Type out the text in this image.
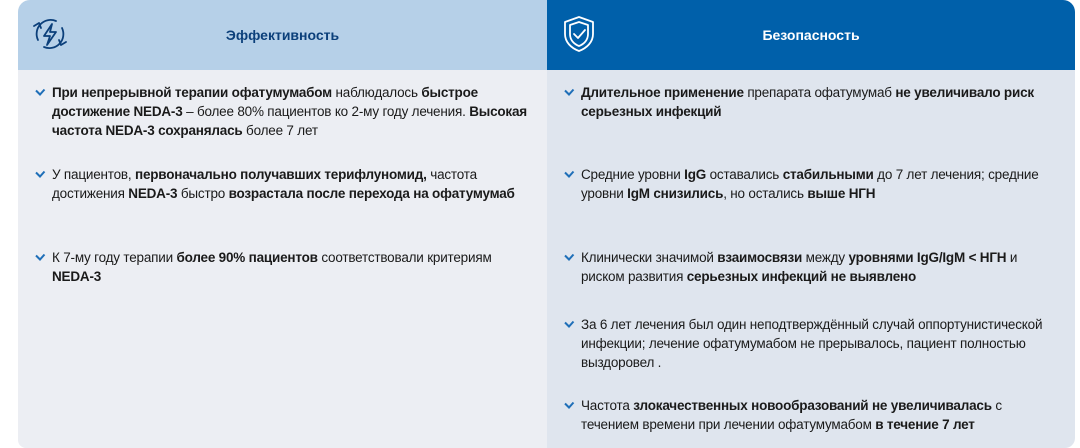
Эффективность
При непрерывной терапии офатумумабом наблюдалось быстрое достижение NEDA-3 – более 80% пациентов ко 2-му году лечения. Высокая частота NEDA-3 сохранялась более 7 лет
У пациентов, первоначально получавших терифлуномид, частота достижения NEDA-3 быстро возрастала после перехода на офатумумаб
К 7-му году терапии более 90% пациентов соответствовали критериям NEDA-3
Безопасность
Длительное применение препарата офатумумаб не увеличивало риск серьезных инфекций
Средние уровни IgG оставались стабильными до 7 лет лечения; средние уровни IgM снизились, но остались выше НГН
Клинически значимой взаимосвязи между уровнями IgG/IgM < НГН и риском развития серьезных инфекций не выявлено
За 6 лет лечения был один неподтверждённый случай оппортунистической инфекции; лечение офатумумабом не прерывалось, пациент полностью выздоровел .
Частота злокачественных новообразований не увеличивалась с течением времени при лечении офатумумабом в течение 7 лет
